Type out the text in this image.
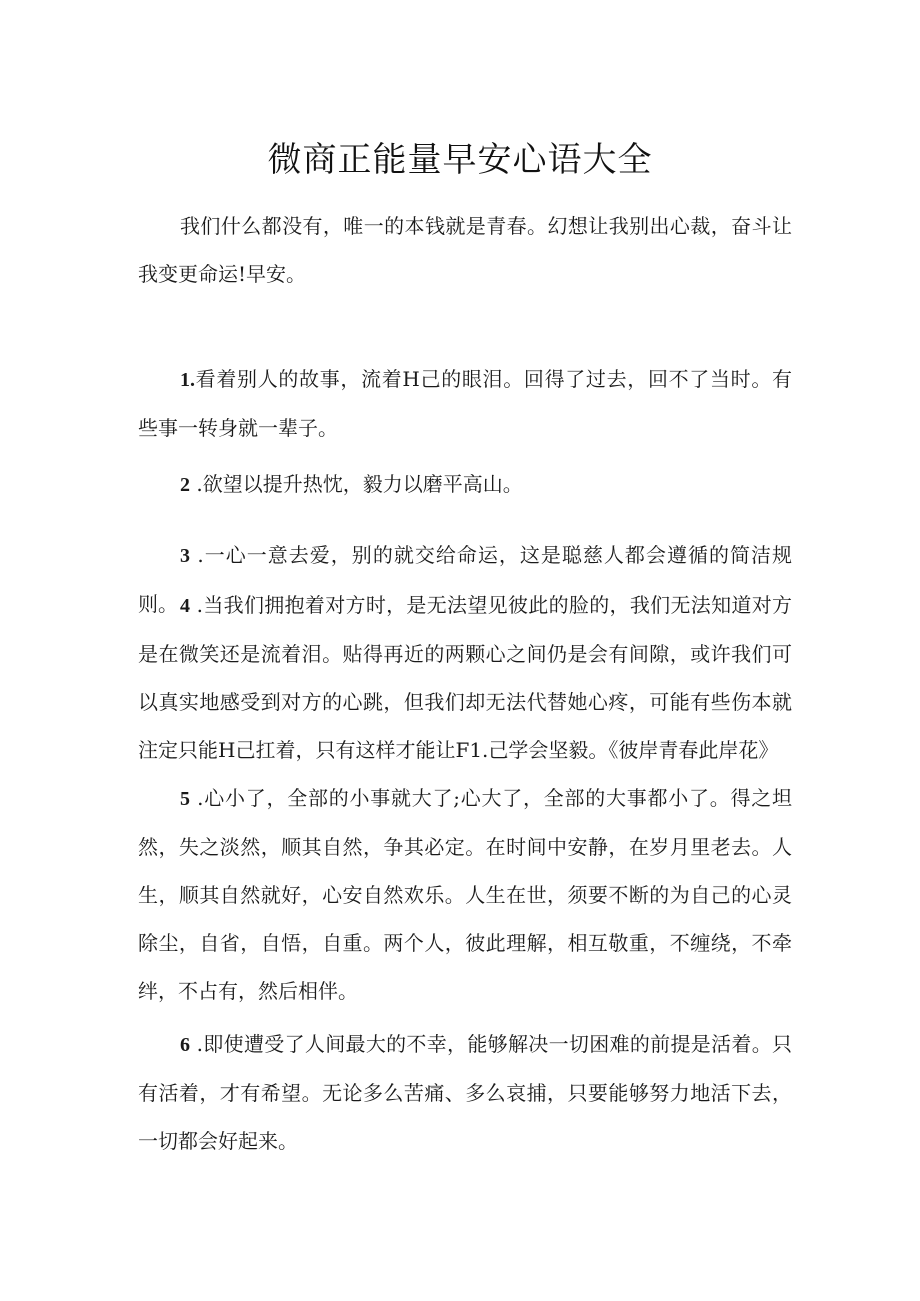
微商正能量早安心语大全

我们什么都没有，唯一的本钱就是青春。幻想让我别出心裁，奋斗让我变更命运!早安。

1.看着别人的故事，流着H己的眼泪。回得了过去，回不了当时。有些事一转身就一辈子。

2 .欲望以提升热忱，毅力以磨平高山。

3 .一心一意去爱，别的就交给命运，这是聪慈人都会遵循的简洁规则。 4 .当我们拥抱着对方时，是无法望见彼此的脸的，我们无法知道对方是在微笑还是流着泪。贴得再近的两颗心之间仍是会有间隙，或许我们可以真实地感受到对方的心跳，但我们却无法代替她心疼，可能有些伤本就注定只能H己扛着，只有这样才能让F1.己学会坚毅。《彼岸青春此岸花》

5 .心小了，全部的小事就大了;心大了，全部的大事都小了。得之坦然，失之淡然，顺其自然，争其必定。在时间中安静，在岁月里老去。人生，顺其自然就好，心安自然欢乐。人生在世，须要不断的为自己的心灵除尘，自省，自悟，自重。两个人，彼此理解，相互敬重，不缠绕，不牵绊，不占有，然后相伴。

6 .即使遭受了人间最大的不幸，能够解决一切困难的前提是活着。只有活着，才有希望。无论多么苦痛、多么哀捕，只要能够努力地活下去，一切都会好起来。
